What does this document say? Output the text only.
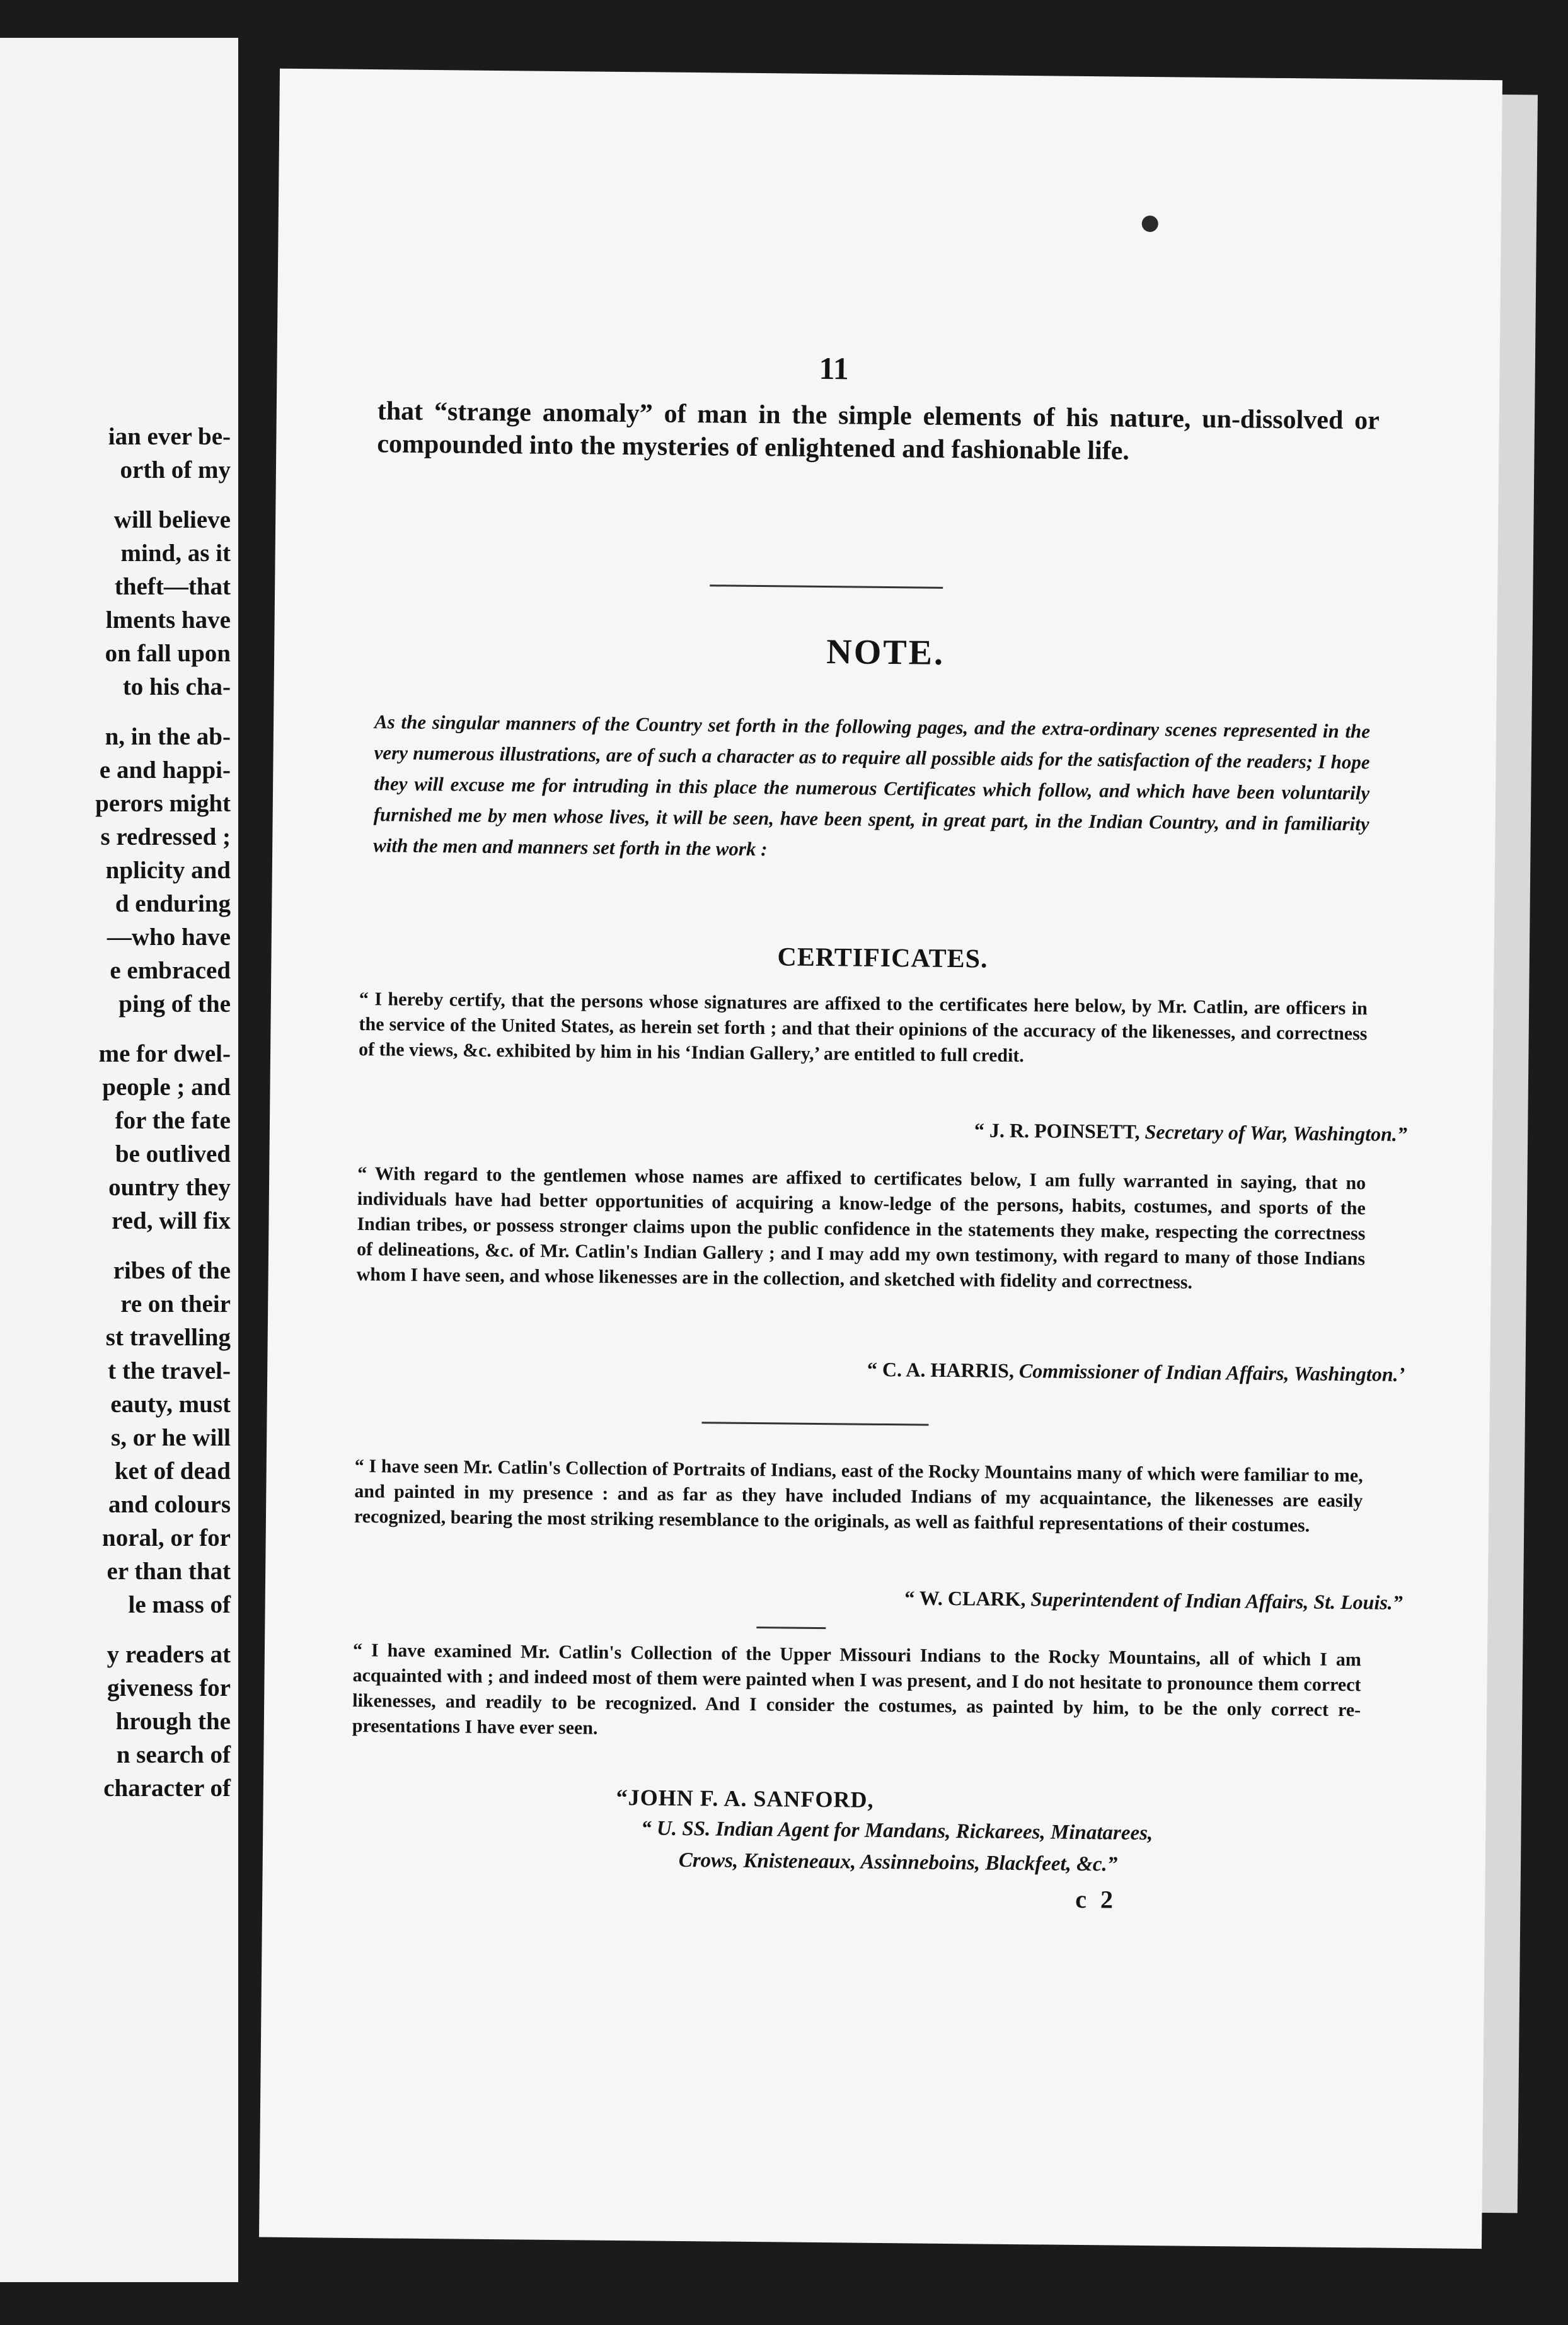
ian ever be-
orth of my
will believe
mind, as it
theft—that
lments have
on fall upon
to his cha-
n, in the ab-
e and happi-
perors might
s redressed ;
nplicity and
d enduring
—who have
e embraced
ping of the
me for dwel-
people ; and
for the fate
be outlived
ountry they
red, will fix
ribes of the
re on their
st travelling
t the travel-
eauty, must
s, or he will
ket of dead
and colours
noral, or for
er than that
le mass of
y readers at
giveness for
hrough the
n search of
character of
11
that “strange anomaly” of man in the simple elements of his nature, un-dissolved or compounded into the mysteries of enlightened and fashionable life.
NOTE.
As the singular manners of the Country set forth in the following pages, and the extra-ordinary scenes represented in the very numerous illustrations, are of such a character as to require all possible aids for the satisfaction of the readers; I hope they will excuse me for intruding in this place the numerous Certificates which follow, and which have been voluntarily furnished me by men whose lives, it will be seen, have been spent, in great part, in the Indian Country, and in familiarity with the men and manners set forth in the work :
CERTIFICATES.
“ I hereby certify, that the persons whose signatures are affixed to the certificates here below, by Mr. Catlin, are officers in the service of the United States, as herein set forth ; and that their opinions of the accuracy of the likenesses, and correctness of the views, &c. exhibited by him in his ‘Indian Gallery,’ are entitled to full credit.
“ J. R. POINSETT, Secretary of War, Washington.”
“ With regard to the gentlemen whose names are affixed to certificates below, I am fully warranted in saying, that no individuals have had better opportunities of acquiring a know-ledge of the persons, habits, costumes, and sports of the Indian tribes, or possess stronger claims upon the public confidence in the statements they make, respecting the correctness of delineations, &c. of Mr. Catlin's Indian Gallery ; and I may add my own testimony, with regard to many of those Indians whom I have seen, and whose likenesses are in the collection, and sketched with fidelity and correctness.
“ C. A. HARRIS, Commissioner of Indian Affairs, Washington.’
“ I have seen Mr. Catlin's Collection of Portraits of Indians, east of the Rocky Mountains many of which were familiar to me, and painted in my presence : and as far as they have included Indians of my acquaintance, the likenesses are easily recognized, bearing the most striking resemblance to the originals, as well as faithful representations of their costumes.
“ W. CLARK, Superintendent of Indian Affairs, St. Louis.”
“ I have examined Mr. Catlin's Collection of the Upper Missouri Indians to the Rocky Mountains, all of which I am acquainted with ; and indeed most of them were painted when I was present, and I do not hesitate to pronounce them correct likenesses, and readily to be recognized. And I consider the costumes, as painted by him, to be the only correct re-presentations I have ever seen.
“JOHN F. A. SANFORD,
“ U. SS. Indian Agent for Mandans, Rickarees, Minatarees,
Crows, Knisteneaux, Assinneboins, Blackfeet, &c.”
c 2
